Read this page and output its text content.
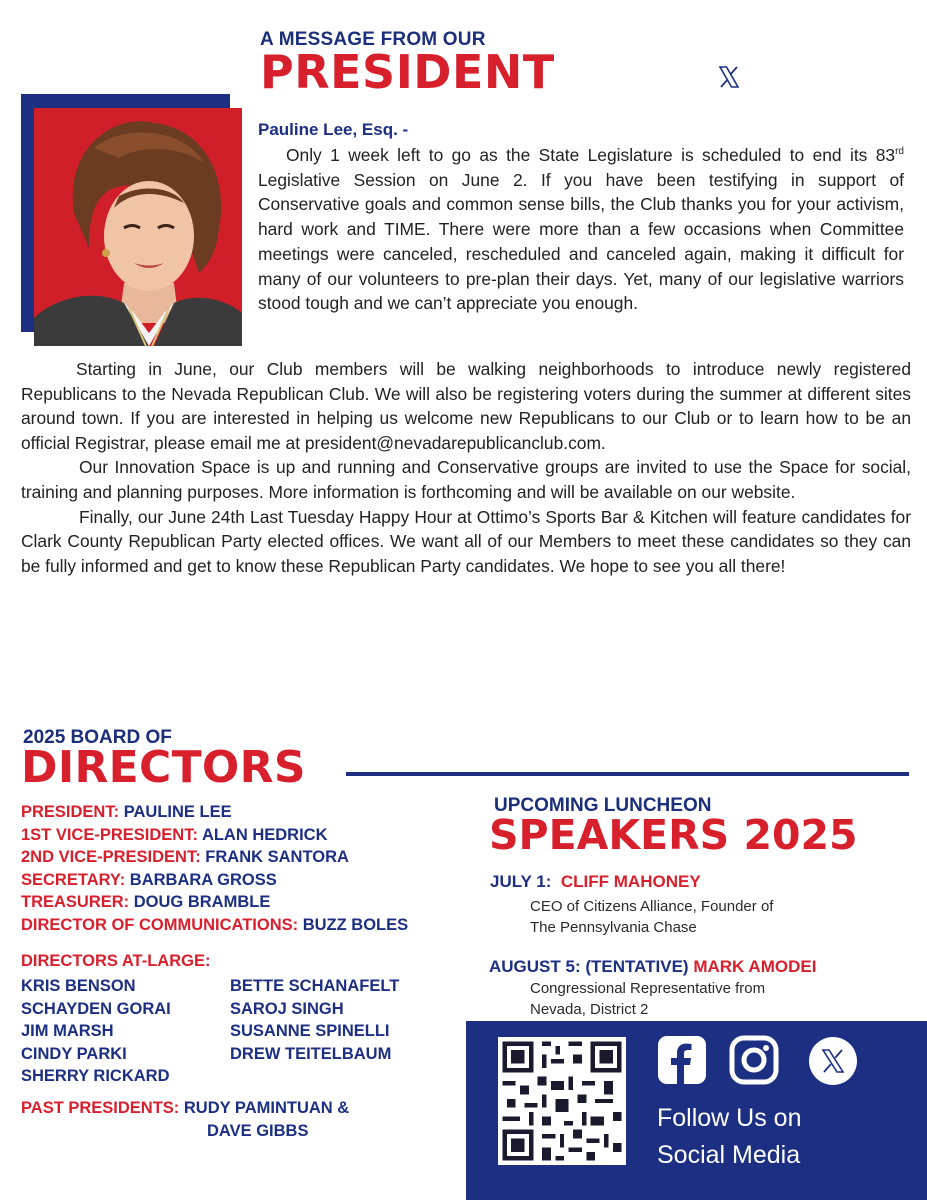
A MESSAGE FROM OUR
PRESIDENT
Pauline Lee, Esq. -

Only 1 week left to go as the State Legislature is scheduled to end its 83rd Legislative Session on June 2. If you have been testifying in support of Conservative goals and common sense bills, the Club thanks you for your activism, hard work and TIME. There were more than a few occasions when Committee meetings were canceled, rescheduled and canceled again, making it difficult for many of our volunteers to pre-plan their days. Yet, many of our legislative warriors stood tough and we can’t appreciate you enough.

Starting in June, our Club members will be walking neighborhoods to introduce newly registered Republicans to the Nevada Republican Club. We will also be registering voters during the summer at different sites around town. If you are interested in helping us welcome new Republicans to our Club or to learn how to be an official Registrar, please email me at president@nevadarepublicanclub.com.

Our Innovation Space is up and running and Conservative groups are invited to use the Space for social, training and planning purposes. More information is forthcoming and will be available on our website.

Finally, our June 24th Last Tuesday Happy Hour at Ottimo’s Sports Bar & Kitchen will feature candidates for Clark County Republican Party elected offices. We want all of our Members to meet these candidates so they can be fully informed and get to know these Republican Party candidates. We hope to see you all there!

2025 BOARD OF
DIRECTORS
PRESIDENT: PAULINE LEE
1ST VICE-PRESIDENT: ALAN HEDRICK
2ND VICE-PRESIDENT: FRANK SANTORA
SECRETARY: BARBARA GROSS
TREASURER: DOUG BRAMBLE
DIRECTOR OF COMMUNICATIONS: BUZZ BOLES
DIRECTORS AT-LARGE:
KRIS BENSON
SCHAYDEN GORAI
JIM MARSH
CINDY PARKI
SHERRY RICKARD
BETTE SCHANAFELT
SAROJ SINGH
SUSANNE SPINELLI
DREW TEITELBAUM
PAST PRESIDENTS: RUDY PAMINTUAN &
DAVE GIBBS
UPCOMING LUNCHEON
SPEAKERS 2025
JULY 1: CLIFF MAHONEY
CEO of Citizens Alliance, Founder of
The Pennsylvania Chase
AUGUST 5: (TENTATIVE) MARK AMODEI
Congressional Representative from
Nevada, District 2
Follow Us on
Social Media
